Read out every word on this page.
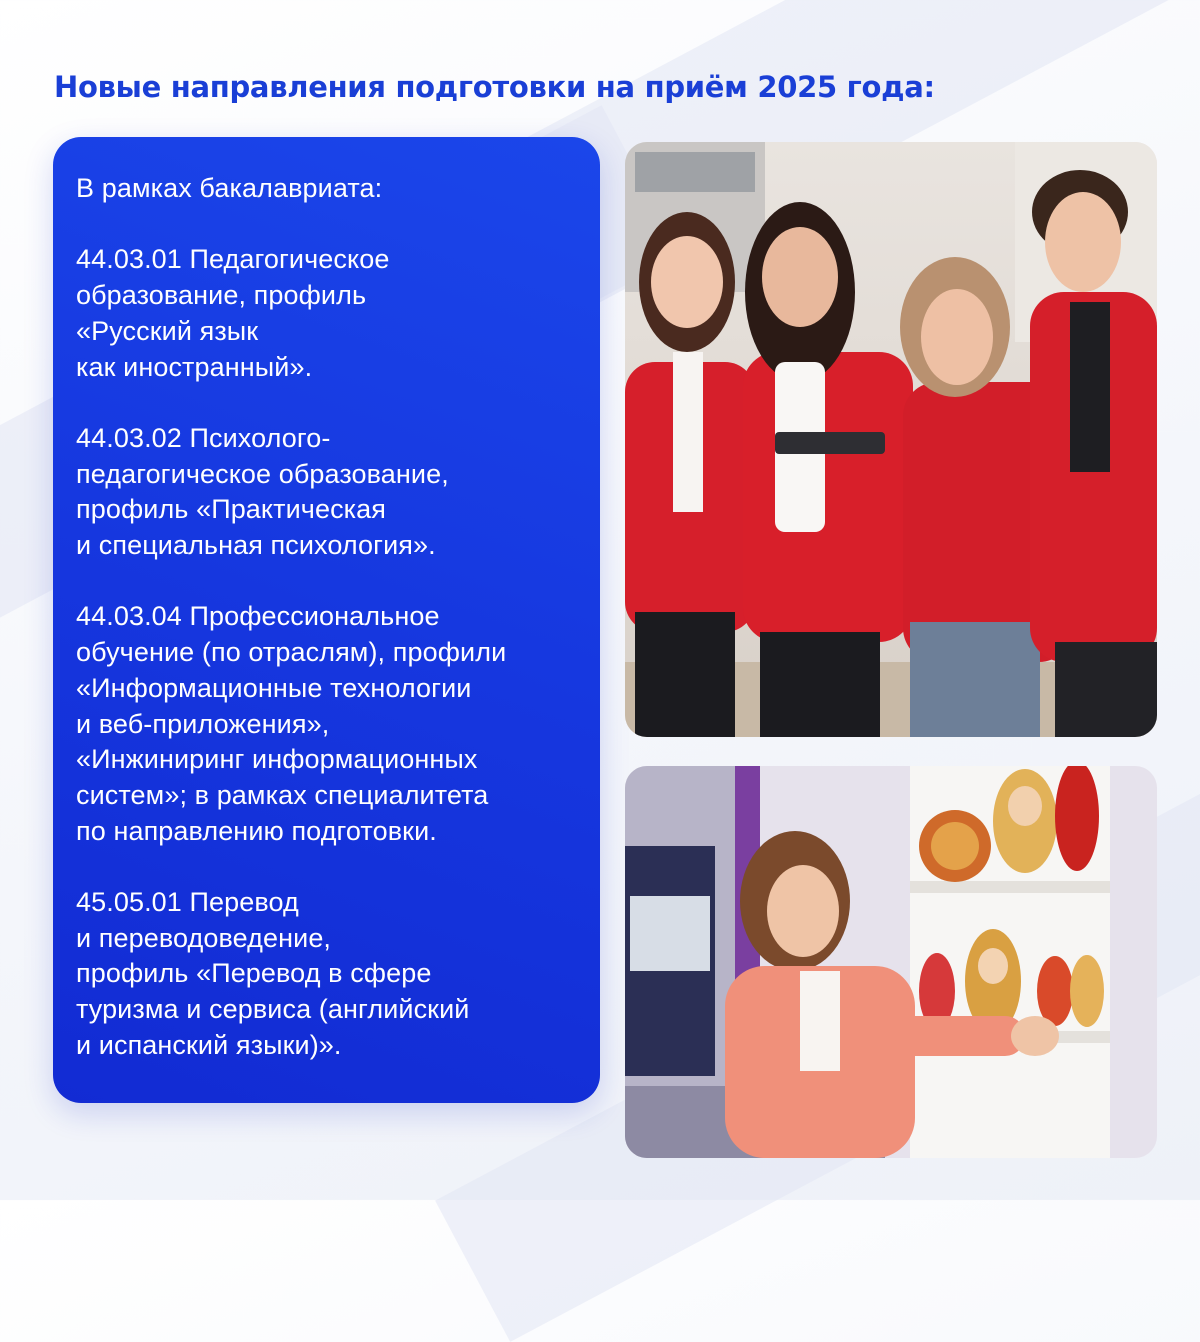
Новые направления подготовки на приём 2025 года:
В рамках бакалавриата:
44.03.01 Педагогическое
образование, профиль
«Русский язык
как иностранный».
44.03.02 Психолого-
педагогическое образование,
профиль «Практическая
и специальная психология».
44.03.04 Профессиональное
обучение (по отраслям), профили
«Информационные технологии
и веб-приложения»,
«Инжиниринг информационных
систем»; в рамках специалитета
по направлению подготовки.
45.05.01 Перевод
и переводоведение,
профиль «Перевод в сфере
туризма и сервиса (английский
и испанский языки)».
